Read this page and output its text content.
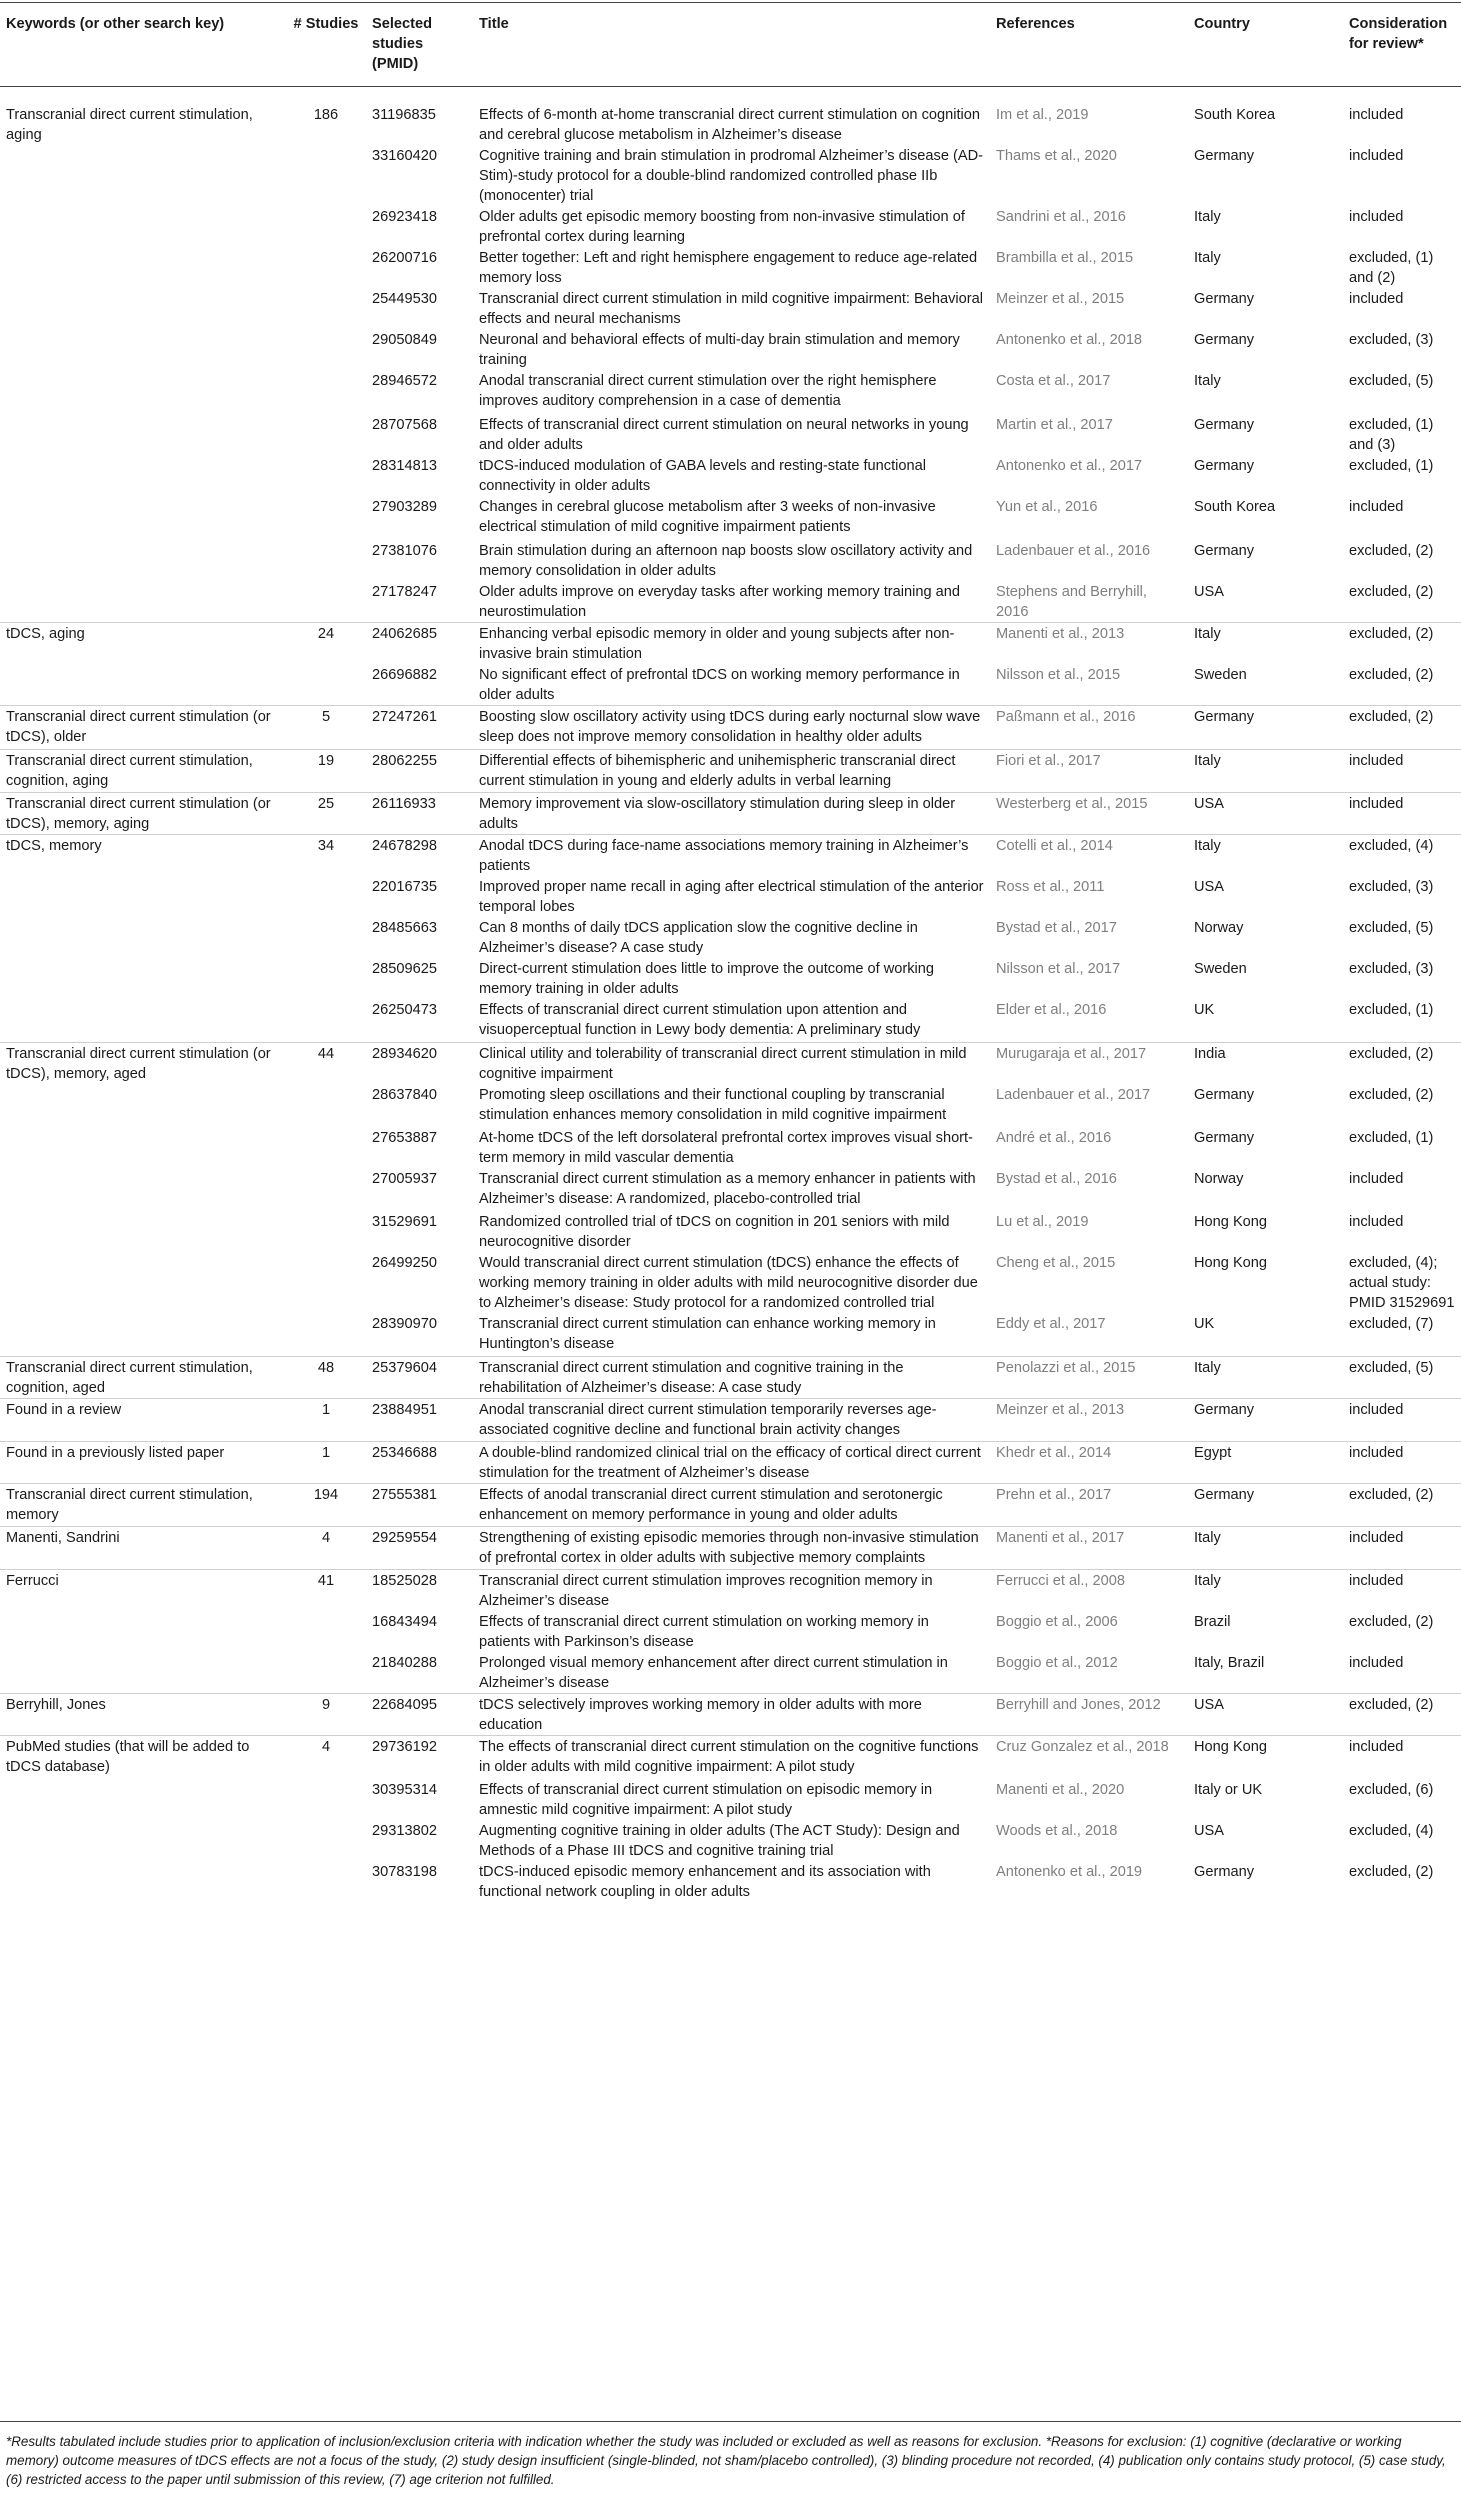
Keywords (or other search key)	# Studies	Selected studies (PMID)	Title	References	Country	Consideration for review*
Transcranial direct current stimulation, aging	186	31196835	Effects of 6-month at-home transcranial direct current stimulation on cognition and cerebral glucose metabolism in Alzheimer’s disease	Im et al., 2019	South Korea	included
		33160420	Cognitive training and brain stimulation in prodromal Alzheimer’s disease (AD-Stim)-study protocol for a double-blind randomized controlled phase IIb (monocenter) trial	Thams et al., 2020	Germany	included
		26923418	Older adults get episodic memory boosting from non-invasive stimulation of prefrontal cortex during learning	Sandrini et al., 2016	Italy	included
		26200716	Better together: Left and right hemisphere engagement to reduce age-related memory loss	Brambilla et al., 2015	Italy	excluded, (1) and (2)
		25449530	Transcranial direct current stimulation in mild cognitive impairment: Behavioral effects and neural mechanisms	Meinzer et al., 2015	Germany	included
		29050849	Neuronal and behavioral effects of multi-day brain stimulation and memory training	Antonenko et al., 2018	Germany	excluded, (3)
		28946572	Anodal transcranial direct current stimulation over the right hemisphere improves auditory comprehension in a case of dementia	Costa et al., 2017	Italy	excluded, (5)
		28707568	Effects of transcranial direct current stimulation on neural networks in young and older adults	Martin et al., 2017	Germany	excluded, (1) and (3)
		28314813	tDCS-induced modulation of GABA levels and resting-state functional connectivity in older adults	Antonenko et al., 2017	Germany	excluded, (1)
		27903289	Changes in cerebral glucose metabolism after 3 weeks of non-invasive electrical stimulation of mild cognitive impairment patients	Yun et al., 2016	South Korea	included
		27381076	Brain stimulation during an afternoon nap boosts slow oscillatory activity and memory consolidation in older adults	Ladenbauer et al., 2016	Germany	excluded, (2)
		27178247	Older adults improve on everyday tasks after working memory training and neurostimulation	Stephens and Berryhill, 2016	USA	excluded, (2)
tDCS, aging	24	24062685	Enhancing verbal episodic memory in older and young subjects after non-invasive brain stimulation	Manenti et al., 2013	Italy	excluded, (2)
		26696882	No significant effect of prefrontal tDCS on working memory performance in older adults	Nilsson et al., 2015	Sweden	excluded, (2)
Transcranial direct current stimulation (or tDCS), older	5	27247261	Boosting slow oscillatory activity using tDCS during early nocturnal slow wave sleep does not improve memory consolidation in healthy older adults	Paßmann et al., 2016	Germany	excluded, (2)
Transcranial direct current stimulation, cognition, aging	19	28062255	Differential effects of bihemispheric and unihemispheric transcranial direct current stimulation in young and elderly adults in verbal learning	Fiori et al., 2017	Italy	included
Transcranial direct current stimulation (or tDCS), memory, aging	25	26116933	Memory improvement via slow-oscillatory stimulation during sleep in older adults	Westerberg et al., 2015	USA	included
tDCS, memory	34	24678298	Anodal tDCS during face-name associations memory training in Alzheimer’s patients	Cotelli et al., 2014	Italy	excluded, (4)
		22016735	Improved proper name recall in aging after electrical stimulation of the anterior temporal lobes	Ross et al., 2011	USA	excluded, (3)
		28485663	Can 8 months of daily tDCS application slow the cognitive decline in Alzheimer’s disease? A case study	Bystad et al., 2017	Norway	excluded, (5)
		28509625	Direct-current stimulation does little to improve the outcome of working memory training in older adults	Nilsson et al., 2017	Sweden	excluded, (3)
		26250473	Effects of transcranial direct current stimulation upon attention and visuoperceptual function in Lewy body dementia: A preliminary study	Elder et al., 2016	UK	excluded, (1)
Transcranial direct current stimulation (or tDCS), memory, aged	44	28934620	Clinical utility and tolerability of transcranial direct current stimulation in mild cognitive impairment	Murugaraja et al., 2017	India	excluded, (2)
		28637840	Promoting sleep oscillations and their functional coupling by transcranial stimulation enhances memory consolidation in mild cognitive impairment	Ladenbauer et al., 2017	Germany	excluded, (2)
		27653887	At-home tDCS of the left dorsolateral prefrontal cortex improves visual short-term memory in mild vascular dementia	André et al., 2016	Germany	excluded, (1)
		27005937	Transcranial direct current stimulation as a memory enhancer in patients with Alzheimer’s disease: A randomized, placebo-controlled trial	Bystad et al., 2016	Norway	included
		31529691	Randomized controlled trial of tDCS on cognition in 201 seniors with mild neurocognitive disorder	Lu et al., 2019	Hong Kong	included
		26499250	Would transcranial direct current stimulation (tDCS) enhance the effects of working memory training in older adults with mild neurocognitive disorder due to Alzheimer’s disease: Study protocol for a randomized controlled trial	Cheng et al., 2015	Hong Kong	excluded, (4); actual study: PMID 31529691
		28390970	Transcranial direct current stimulation can enhance working memory in Huntington’s disease	Eddy et al., 2017	UK	excluded, (7)
Transcranial direct current stimulation, cognition, aged	48	25379604	Transcranial direct current stimulation and cognitive training in the rehabilitation of Alzheimer’s disease: A case study	Penolazzi et al., 2015	Italy	excluded, (5)
Found in a review	1	23884951	Anodal transcranial direct current stimulation temporarily reverses age-associated cognitive decline and functional brain activity changes	Meinzer et al., 2013	Germany	included
Found in a previously listed paper	1	25346688	A double-blind randomized clinical trial on the efficacy of cortical direct current stimulation for the treatment of Alzheimer’s disease	Khedr et al., 2014	Egypt	included
Transcranial direct current stimulation, memory	194	27555381	Effects of anodal transcranial direct current stimulation and serotonergic enhancement on memory performance in young and older adults	Prehn et al., 2017	Germany	excluded, (2)
Manenti, Sandrini	4	29259554	Strengthening of existing episodic memories through non-invasive stimulation of prefrontal cortex in older adults with subjective memory complaints	Manenti et al., 2017	Italy	included
Ferrucci	41	18525028	Transcranial direct current stimulation improves recognition memory in Alzheimer’s disease	Ferrucci et al., 2008	Italy	included
		16843494	Effects of transcranial direct current stimulation on working memory in patients with Parkinson’s disease	Boggio et al., 2006	Brazil	excluded, (2)
		21840288	Prolonged visual memory enhancement after direct current stimulation in Alzheimer’s disease	Boggio et al., 2012	Italy, Brazil	included
Berryhill, Jones	9	22684095	tDCS selectively improves working memory in older adults with more education	Berryhill and Jones, 2012	USA	excluded, (2)
PubMed studies (that will be added to tDCS database)	4	29736192	The effects of transcranial direct current stimulation on the cognitive functions in older adults with mild cognitive impairment: A pilot study	Cruz Gonzalez et al., 2018	Hong Kong	included
		30395314	Effects of transcranial direct current stimulation on episodic memory in amnestic mild cognitive impairment: A pilot study	Manenti et al., 2020	Italy or UK	excluded, (6)
		29313802	Augmenting cognitive training in older adults (The ACT Study): Design and Methods of a Phase III tDCS and cognitive training trial	Woods et al., 2018	USA	excluded, (4)
		30783198	tDCS-induced episodic memory enhancement and its association with functional network coupling in older adults	Antonenko et al., 2019	Germany	excluded, (2)
*Results tabulated include studies prior to application of inclusion/exclusion criteria with indication whether the study was included or excluded as well as reasons for exclusion. *Reasons for exclusion: (1) cognitive (declarative or working memory) outcome measures of tDCS effects are not a focus of the study, (2) study design insufficient (single-blinded, not sham/placebo controlled), (3) blinding procedure not recorded, (4) publication only contains study protocol, (5) case study, (6) restricted access to the paper until submission of this review, (7) age criterion not fulfilled.
